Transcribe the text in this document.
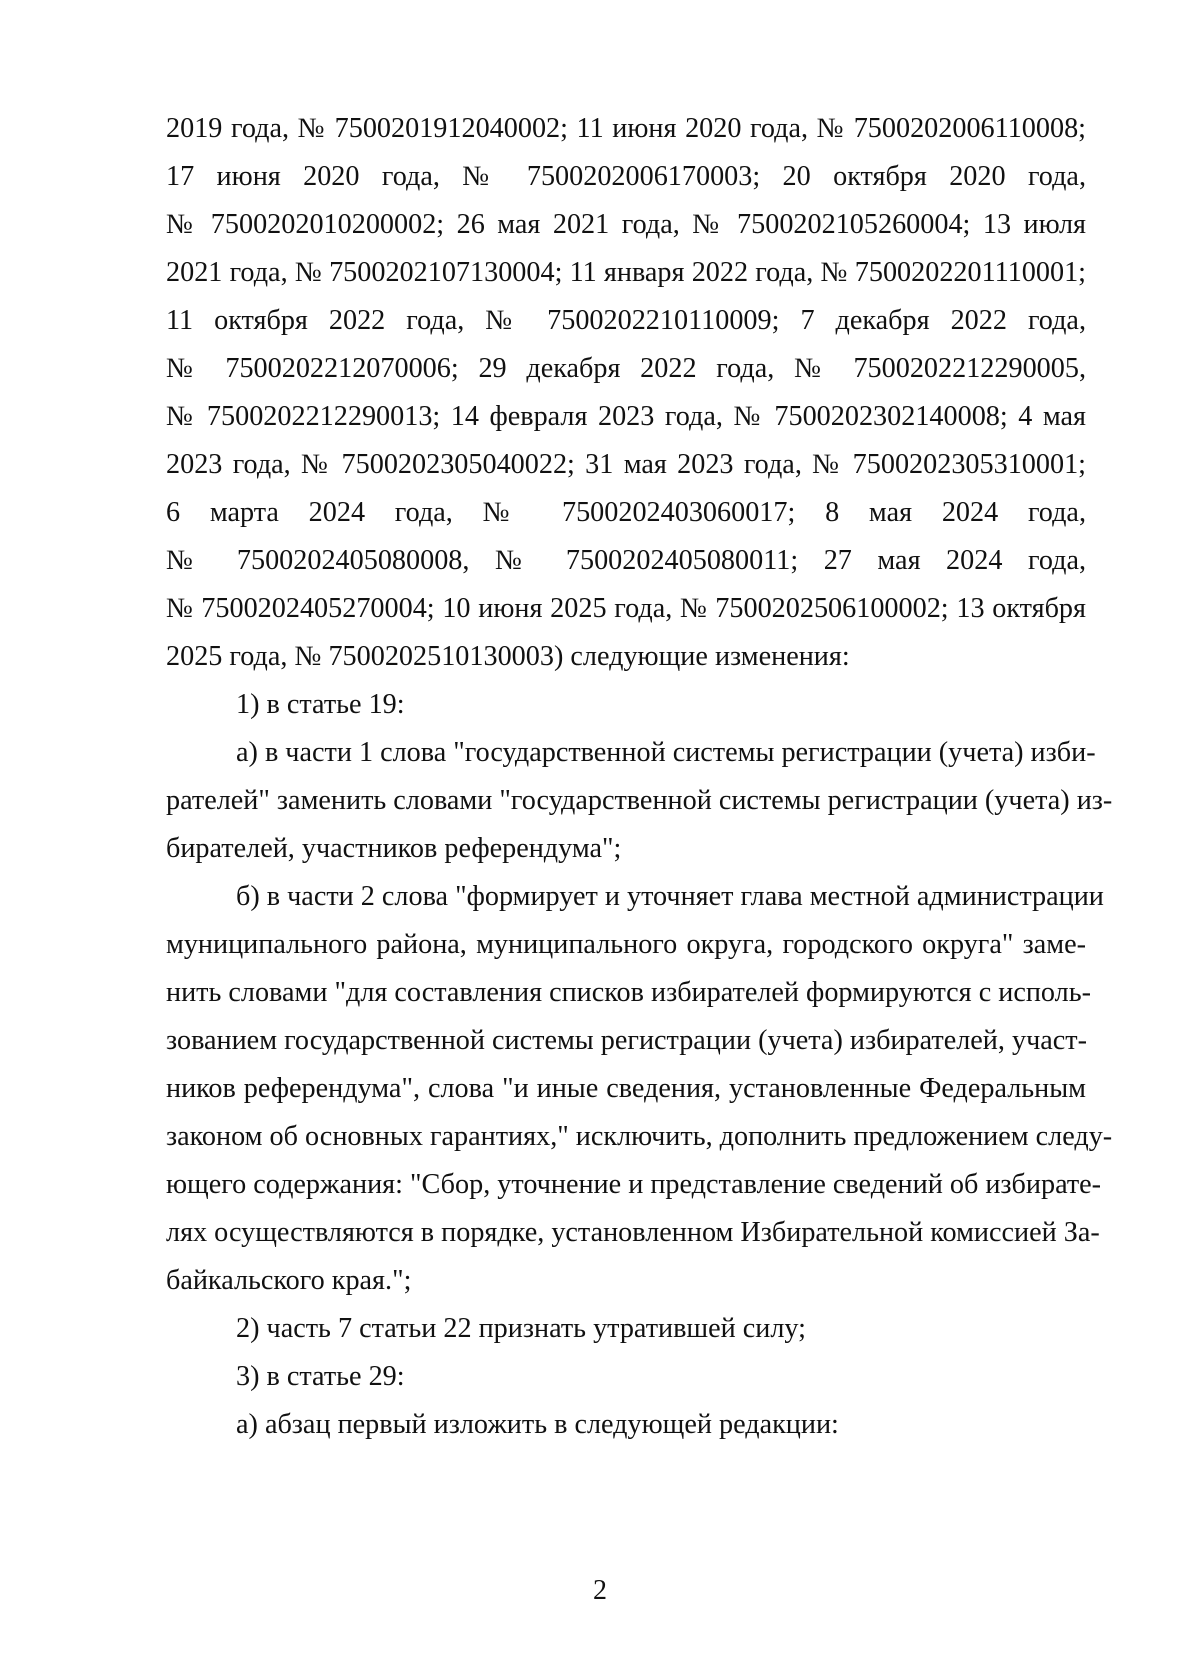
2019 года, № 7500201912040002; 11 июня 2020 года, № 7500202006110008;

17 июня 2020 года, № 7500202006170003; 20 октября 2020 года,

№ 7500202010200002; 26 мая 2021 года, № 7500202105260004; 13 июля

2021 года, № 7500202107130004; 11 января 2022 года, № 7500202201110001;

11 октября 2022 года, № 7500202210110009; 7 декабря 2022 года,

№ 7500202212070006; 29 декабря 2022 года, № 7500202212290005,

№ 7500202212290013; 14 февраля 2023 года, № 7500202302140008; 4 мая

2023 года, № 7500202305040022; 31 мая 2023 года, № 7500202305310001;

6 марта 2024 года, № 7500202403060017; 8 мая 2024 года,

№ 7500202405080008, № 7500202405080011; 27 мая 2024 года,

№ 7500202405270004; 10 июня 2025 года, № 7500202506100002; 13 октября

2025 года, № 7500202510130003) следующие изменения:

1) в статье 19:

а) в части 1 слова "государственной системы регистрации (учета) изби-

рателей" заменить словами "государственной системы регистрации (учета) из-

бирателей, участников референдума";

б) в части 2 слова "формирует и уточняет глава местной администрации

муниципального района, муниципального округа, городского округа" заме-

нить словами "для составления списков избирателей формируются с исполь-

зованием государственной системы регистрации (учета) избирателей, участ-

ников референдума", слова "и иные сведения, установленные Федеральным

законом об основных гарантиях," исключить, дополнить предложением следу-

ющего содержания: "Сбор, уточнение и представление сведений об избирате-

лях осуществляются в порядке, установленном Избирательной комиссией За-

байкальского края.";

2) часть 7 статьи 22 признать утратившей силу;

3) в статье 29:

а) абзац первый изложить в следующей редакции:

2
